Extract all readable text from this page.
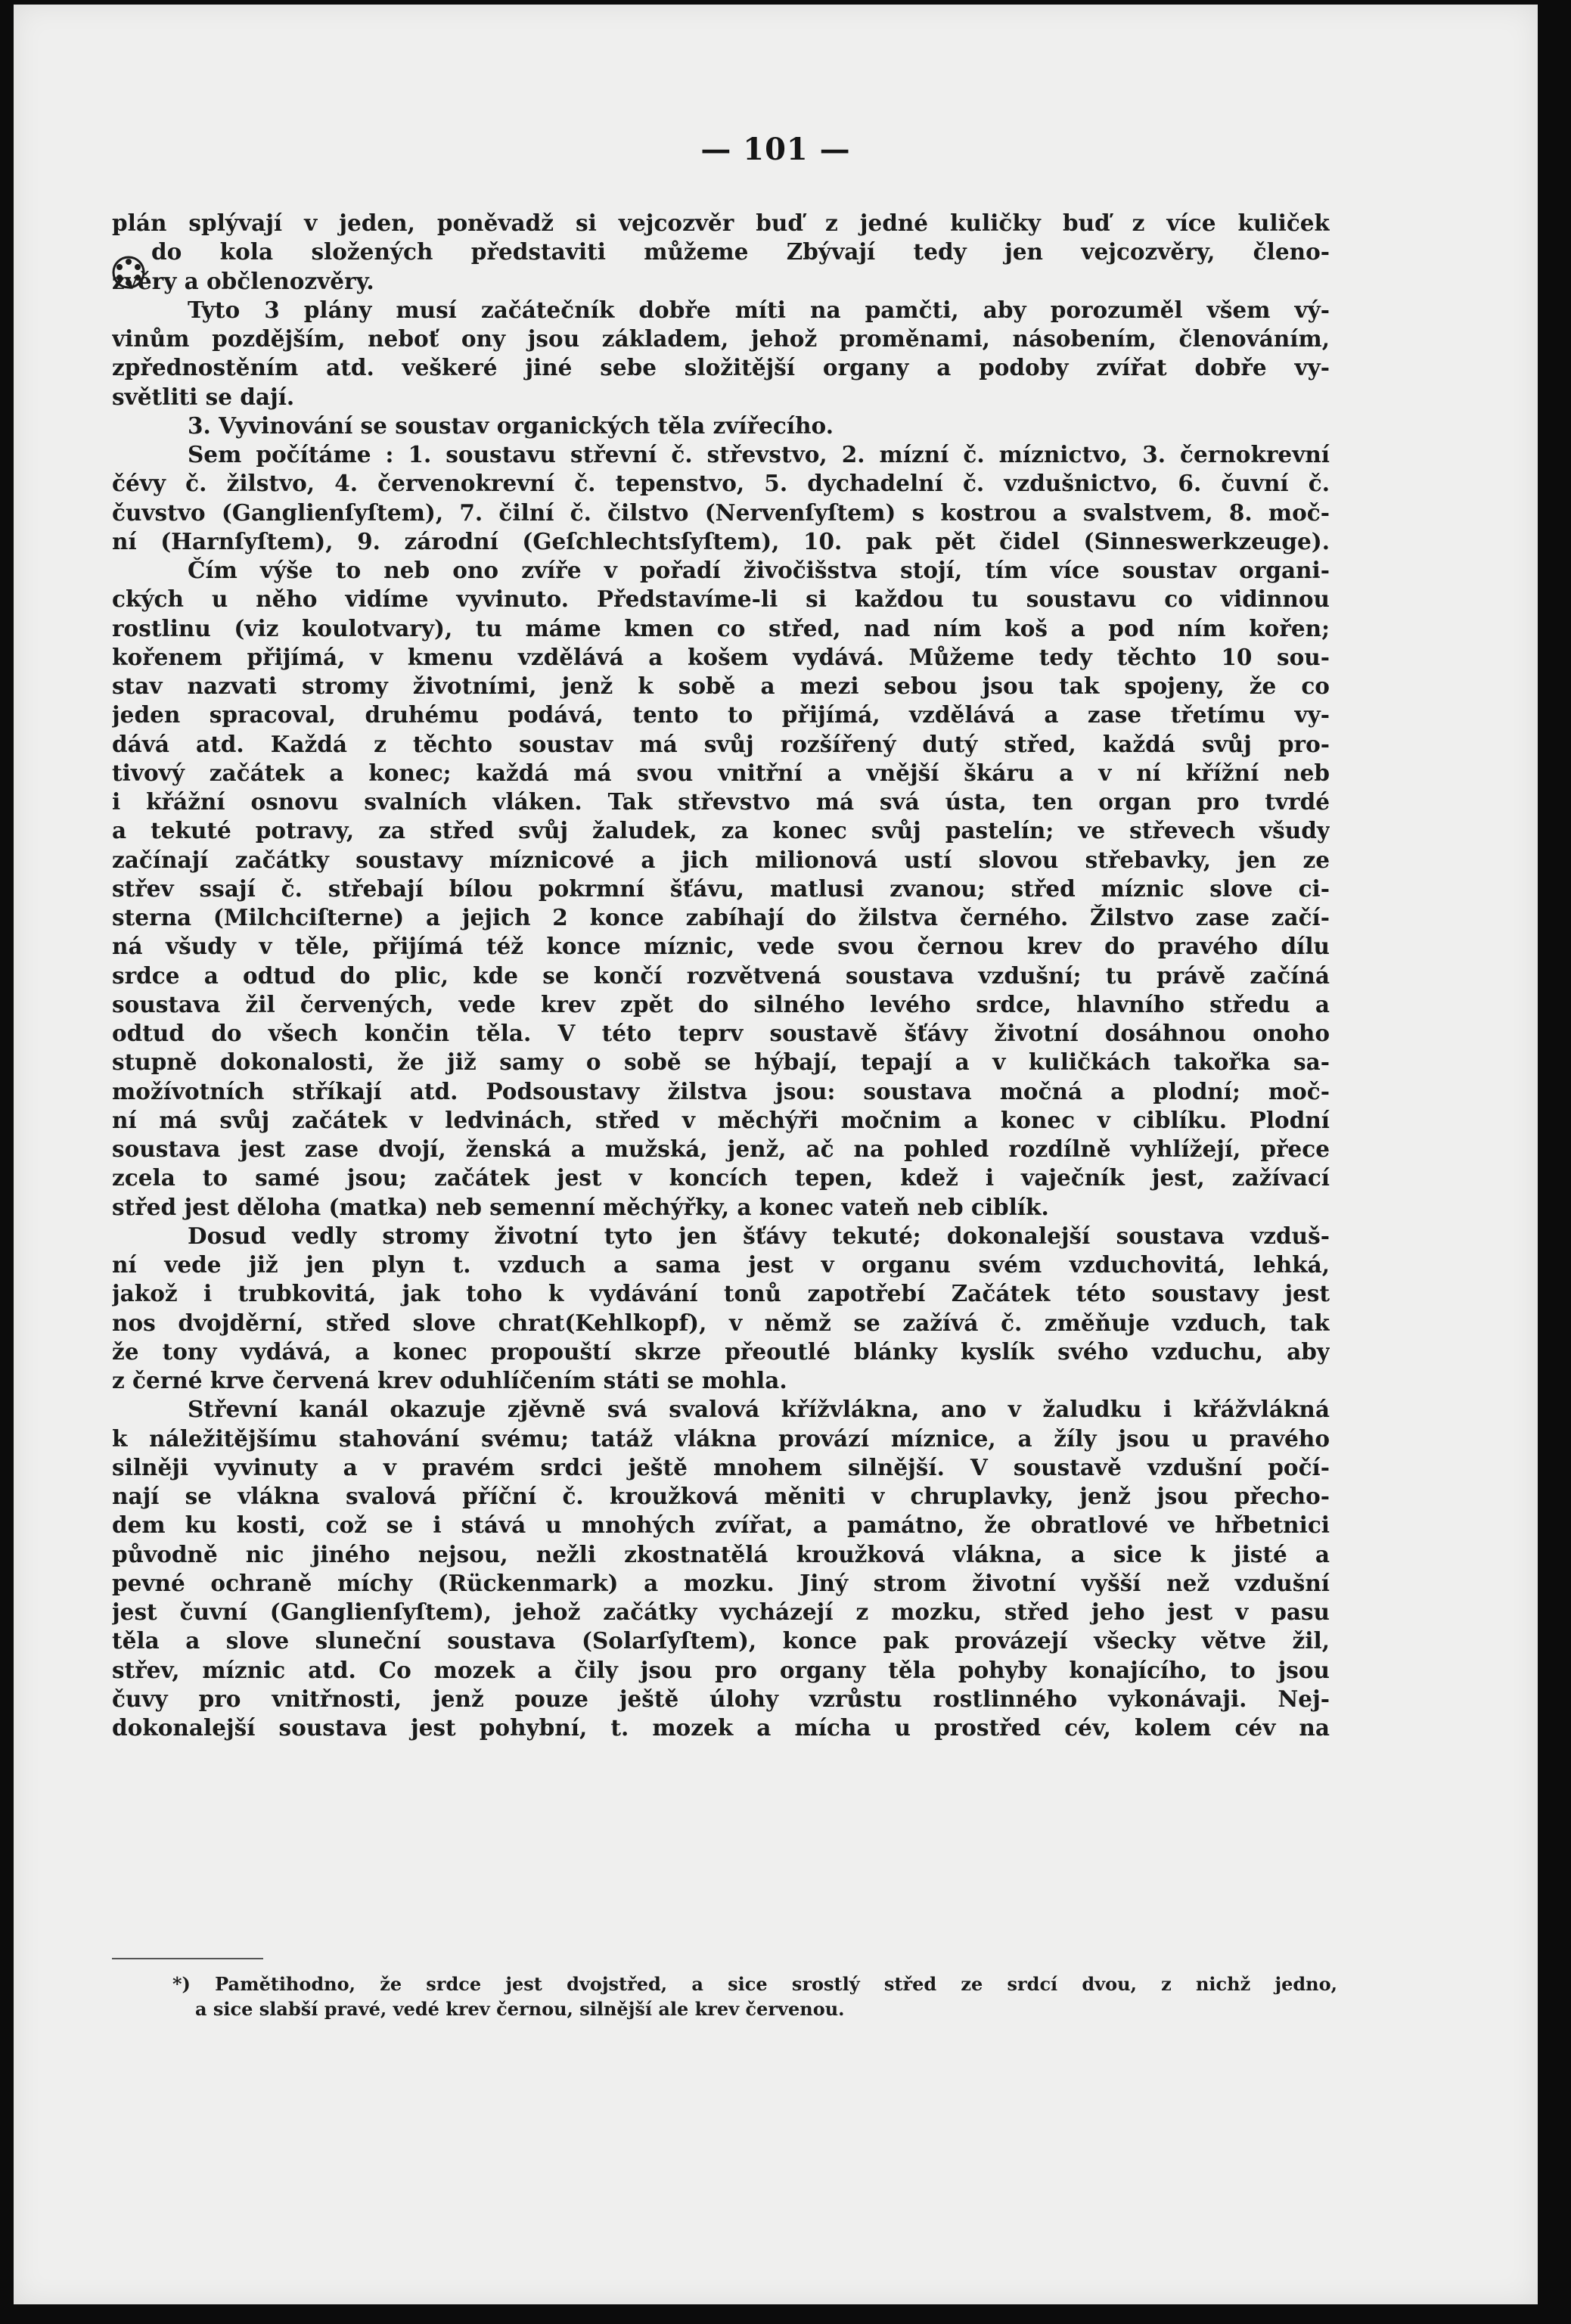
— 101 —
plán splývají v jeden, poněvadž si vejcozvěr buď z jedné kuličky buď z více kuliček
do kola složených představiti můžeme Zbývají tedy jen vejcozvěry, členo-
zvěry a občlenozvěry.
Tyto 3 plány musí začátečník dobře míti na pamčti, aby porozuměl všem vý-
vinům pozdějším, neboť ony jsou základem, jehož proměnami, násobením, členováním,
zpřednostěním atd. veškeré jiné sebe složitější organy a podoby zvířat dobře vy-
světliti se dají.
3. Vyvinování se soustav organických těla zvířecího.
Sem počítáme : 1. soustavu střevní č. střevstvo, 2. mízní č. míznictvo, 3. černokrevní
čévy č. žilstvo, 4. červenokrevní č. tepenstvo, 5. dychadelní č. vzdušnictvo, 6. čuvní č.
čuvstvo (Ganglienſyſtem), 7. čilní č. čilstvo (Nervenſyſtem) s kostrou a svalstvem, 8. moč-
ní (Harnſyſtem), 9. zárodní (Geſchlechtsſyſtem), 10. pak pět čidel (Sinneswerkzeuge).
Čím výše to neb ono zvíře v pořadí živočišstva stojí, tím více soustav organi-
ckých u něho vidíme vyvinuto. Představíme-li si každou tu soustavu co vidinnou
rostlinu (viz koulotvary), tu máme kmen co střed, nad ním koš a pod ním kořen;
kořenem přijímá, v kmenu vzdělává a košem vydává. Můžeme tedy těchto 10 sou-
stav nazvati stromy životními, jenž k sobě a mezi sebou jsou tak spojeny, že co
jeden spracoval, druhému podává, tento to přijímá, vzdělává a zase třetímu vy-
dává atd. Každá z těchto soustav má svůj rozšířený dutý střed, každá svůj pro-
tivový začátek a konec; každá má svou vnitřní a vnější škáru a v ní křížní neb
i křážní osnovu svalních vláken. Tak střevstvo má svá ústa, ten organ pro tvrdé
a tekuté potravy, za střed svůj žaludek, za konec svůj pastelín; ve střevech všudy
začínají začátky soustavy míznicové a jich milionová ustí slovou střebavky, jen ze
střev ssají č. střebají bílou pokrmní šťávu, matlusi zvanou; střed míznic slove ci-
sterna (Milchciſterne) a jejich 2 konce zabíhají do žilstva černého. Žilstvo zase začí-
ná všudy v těle, přijímá též konce míznic, vede svou černou krev do pravého dílu
srdce a odtud do plic, kde se končí rozvětvená soustava vzdušní; tu právě začíná
soustava žil červených, vede krev zpět do silného levého srdce, hlavního středu a
odtud do všech končin těla. V této teprv soustavě šťávy životní dosáhnou onoho
stupně dokonalosti, že již samy o sobě se hýbají, tepají a v kuličkách takořka sa-
možívotních stříkají atd. Podsoustavy žilstva jsou: soustava močná a plodní; moč-
ní má svůj začátek v ledvinách, střed v měchýři močnim a konec v ciblíku. Plodní
soustava jest zase dvojí, ženská a mužská, jenž, ač na pohled rozdílně vyhlížejí, přece
zcela to samé jsou; začátek jest v koncích tepen, kdež i vaječník jest, zažívací
střed jest děloha (matka) neb semenní měchýřky, a konec vateň neb ciblík.
Dosud vedly stromy životní tyto jen šťávy tekuté; dokonalejší soustava vzduš-
ní vede již jen plyn t. vzduch a sama jest v organu svém vzduchovitá, lehká,
jakož i trubkovitá, jak toho k vydávání tonů zapotřebí Začátek této soustavy jest
nos dvojděrní, střed slove chrat(Kehlkopf), v němž se zažívá č. změňuje vzduch, tak
že tony vydává, a konec propouští skrze přeoutlé blánky kyslík svého vzduchu, aby
z černé krve červená krev oduhlíčením státi se mohla.
Střevní kanál okazuje zjěvně svá svalová křížvlákna, ano v žaludku i křážvlákná
k náležitějšímu stahování svému; tatáž vlákna provází míznice, a žíly jsou u pravého
silněji vyvinuty a v pravém srdci ještě mnohem silnější. V soustavě vzdušní počí-
nají se vlákna svalová příční č. kroužková měniti v chruplavky, jenž jsou přecho-
dem ku kosti, což se i stává u mnohých zvířat, a památno, že obratlové ve hřbetnici
původně nic jiného nejsou, nežli zkostnatělá kroužková vlákna, a sice k jisté a
pevné ochraně míchy (Rückenmark) a mozku. Jiný strom životní vyšší než vzdušní
jest čuvní (Ganglienſyſtem), jehož začátky vycházejí z mozku, střed jeho jest v pasu
těla a slove sluneční soustava (Solarſyſtem), konce pak provázejí všecky větve žil,
střev, míznic atd. Co mozek a čily jsou pro organy těla pohyby konajícího, to jsou
čuvy pro vnitřnosti, jenž pouze ještě úlohy vzrůstu rostlinného vykonávaji. Nej-
dokonalejší soustava jest pohybní, t. mozek a mícha u prostřed cév, kolem cév na
*) Pamětihodno, že srdce jest dvojstřed, a sice srostlý střed ze srdcí dvou, z nichž jedno,
a sice slabší pravé, vedé krev černou, silnější ale krev červenou.
